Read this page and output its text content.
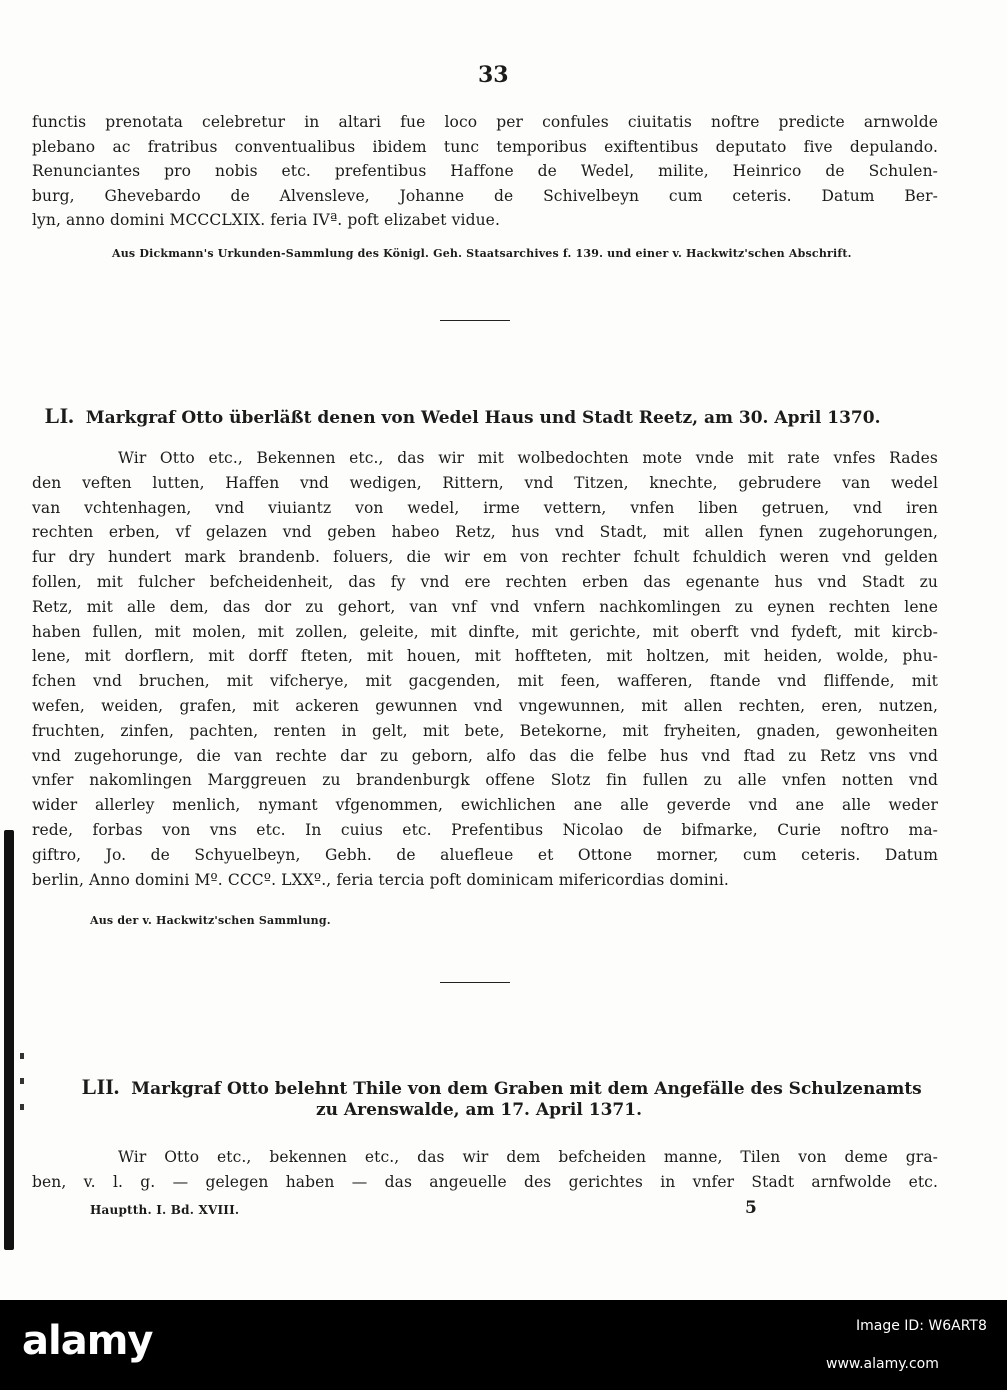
33
functis prenotata celebretur in altari fue loco per confules ciuitatis noftre predicte arnwolde
plebano ac fratribus conventualibus ibidem tunc temporibus exiftentibus deputato five depulando.
Renunciantes pro nobis etc. prefentibus Haffone de Wedel, milite, Heinrico de Schulen-
burg, Ghevebardo de Alvensleve, Johanne de Schivelbeyn cum ceteris. Datum Ber-
lyn, anno domini MCCCLXIX. feria IVª. poft elizabet vidue.
Aus Dickmann's Urkunden-Sammlung des Königl. Geh. Staatsarchives f. 139. und einer v. Hackwitz'schen Abschrift.
LI. Markgraf Otto überläßt denen von Wedel Haus und Stadt Reetz, am 30. April 1370.
Wir Otto etc., Bekennen etc., das wir mit wolbedochten mote vnde mit rate vnfes Rades
den veften lutten, Haffen vnd wedigen, Rittern, vnd Titzen, knechte, gebrudere van wedel
van vchtenhagen, vnd viuiantz von wedel, irme vettern, vnfen liben getruen, vnd iren
rechten erben, vf gelazen vnd geben habeo Retz, hus vnd Stadt, mit allen fynen zugehorungen,
fur dry hundert mark brandenb. foluers, die wir em von rechter fchult fchuldich weren vnd gelden
follen, mit fulcher befcheidenheit, das fy vnd ere rechten erben das egenante hus vnd Stadt zu
Retz, mit alle dem, das dor zu gehort, van vnf vnd vnfern nachkomlingen zu eynen rechten lene
haben fullen, mit molen, mit zollen, geleite, mit dinfte, mit gerichte, mit oberft vnd fydeft, mit kircb-
lene, mit dorflern, mit dorff fteten, mit houen, mit hoffteten, mit holtzen, mit heiden, wolde, phu-
fchen vnd bruchen, mit vifcherye, mit gacgenden, mit feen, wafferen, ftande vnd fliffende, mit
wefen, weiden, grafen, mit ackeren gewunnen vnd vngewunnen, mit allen rechten, eren, nutzen,
fruchten, zinfen, pachten, renten in gelt, mit bete, Betekorne, mit fryheiten, gnaden, gewonheiten
vnd zugehorunge, die van rechte dar zu geborn, alfo das die felbe hus vnd ftad zu Retz vns vnd
vnfer nakomlingen Marggreuen zu brandenburgk offene Slotz fin fullen zu alle vnfen notten vnd
wider allerley menlich, nymant vfgenommen, ewichlichen ane alle geverde vnd ane alle weder
rede, forbas von vns etc. In cuius etc. Prefentibus Nicolao de bifmarke, Curie noftro ma-
giftro, Jo. de Schyuelbeyn, Gebh. de aluefleue et Ottone morner, cum ceteris. Datum
berlin, Anno domini Mº. CCCº. LXXº., feria tercia poft dominicam mifericordias domini.
Aus der v. Hackwitz'schen Sammlung.
LII. Markgraf Otto belehnt Thile von dem Graben mit dem Angefälle des Schulzenamts
zu Arenswalde, am 17. April 1371.
Wir Otto etc., bekennen etc., das wir dem befcheiden manne, Tilen von deme gra-
ben, v. l. g. — gelegen haben — das angeuelle des gerichtes in vnfer Stadt arnfwolde etc.
Hauptth. I. Bd. XVIII.	5
alamy	Image ID: W6ART8
www.alamy.com
